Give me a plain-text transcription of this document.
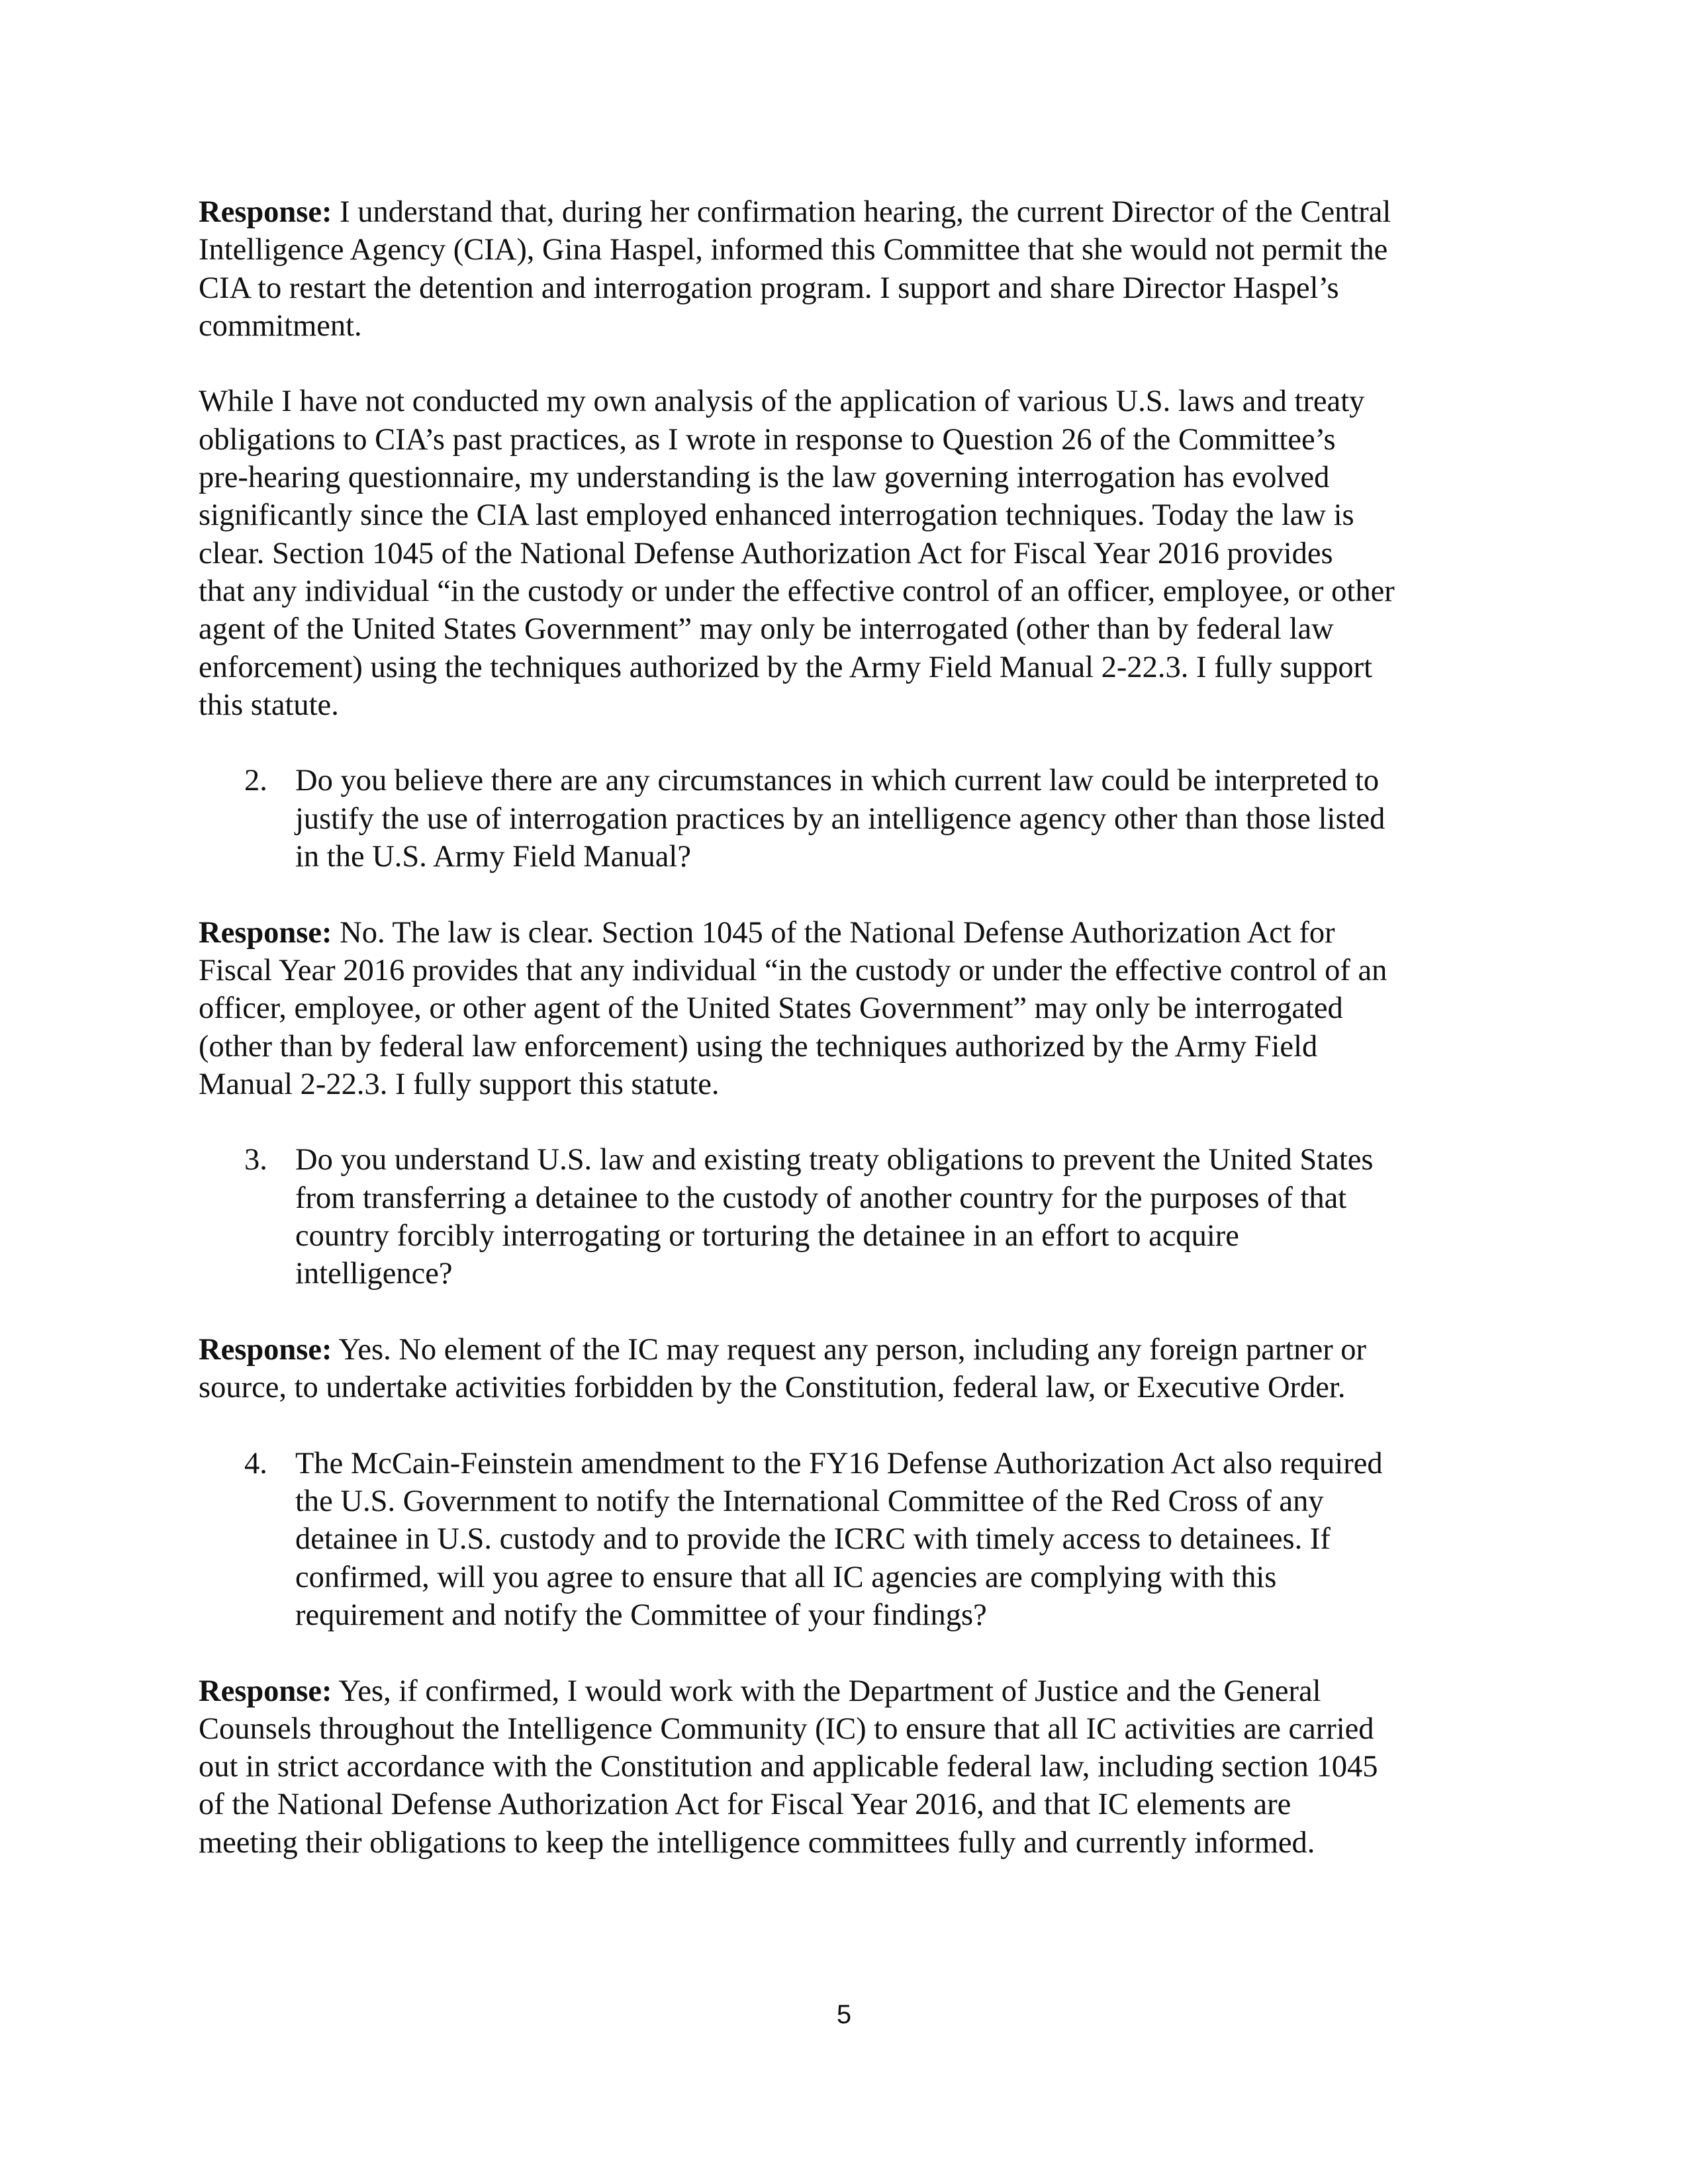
Response: I understand that, during her confirmation hearing, the current Director of the Central
Intelligence Agency (CIA), Gina Haspel, informed this Committee that she would not permit the
CIA to restart the detention and interrogation program. I support and share Director Haspel’s
commitment.
While I have not conducted my own analysis of the application of various U.S. laws and treaty
obligations to CIA’s past practices, as I wrote in response to Question 26 of the Committee’s
pre-hearing questionnaire, my understanding is the law governing interrogation has evolved
significantly since the CIA last employed enhanced interrogation techniques. Today the law is
clear. Section 1045 of the National Defense Authorization Act for Fiscal Year 2016 provides
that any individual “in the custody or under the effective control of an officer, employee, or other
agent of the United States Government” may only be interrogated (other than by federal law
enforcement) using the techniques authorized by the Army Field Manual 2-22.3. I fully support
this statute.
2. Do you believe there are any circumstances in which current law could be interpreted to
justify the use of interrogation practices by an intelligence agency other than those listed
in the U.S. Army Field Manual?
Response: No. The law is clear. Section 1045 of the National Defense Authorization Act for
Fiscal Year 2016 provides that any individual “in the custody or under the effective control of an
officer, employee, or other agent of the United States Government” may only be interrogated
(other than by federal law enforcement) using the techniques authorized by the Army Field
Manual 2-22.3. I fully support this statute.
3. Do you understand U.S. law and existing treaty obligations to prevent the United States
from transferring a detainee to the custody of another country for the purposes of that
country forcibly interrogating or torturing the detainee in an effort to acquire
intelligence?
Response: Yes. No element of the IC may request any person, including any foreign partner or
source, to undertake activities forbidden by the Constitution, federal law, or Executive Order.
4. The McCain-Feinstein amendment to the FY16 Defense Authorization Act also required
the U.S. Government to notify the International Committee of the Red Cross of any
detainee in U.S. custody and to provide the ICRC with timely access to detainees. If
confirmed, will you agree to ensure that all IC agencies are complying with this
requirement and notify the Committee of your findings?
Response: Yes, if confirmed, I would work with the Department of Justice and the General
Counsels throughout the Intelligence Community (IC) to ensure that all IC activities are carried
out in strict accordance with the Constitution and applicable federal law, including section 1045
of the National Defense Authorization Act for Fiscal Year 2016, and that IC elements are
meeting their obligations to keep the intelligence committees fully and currently informed.
5
